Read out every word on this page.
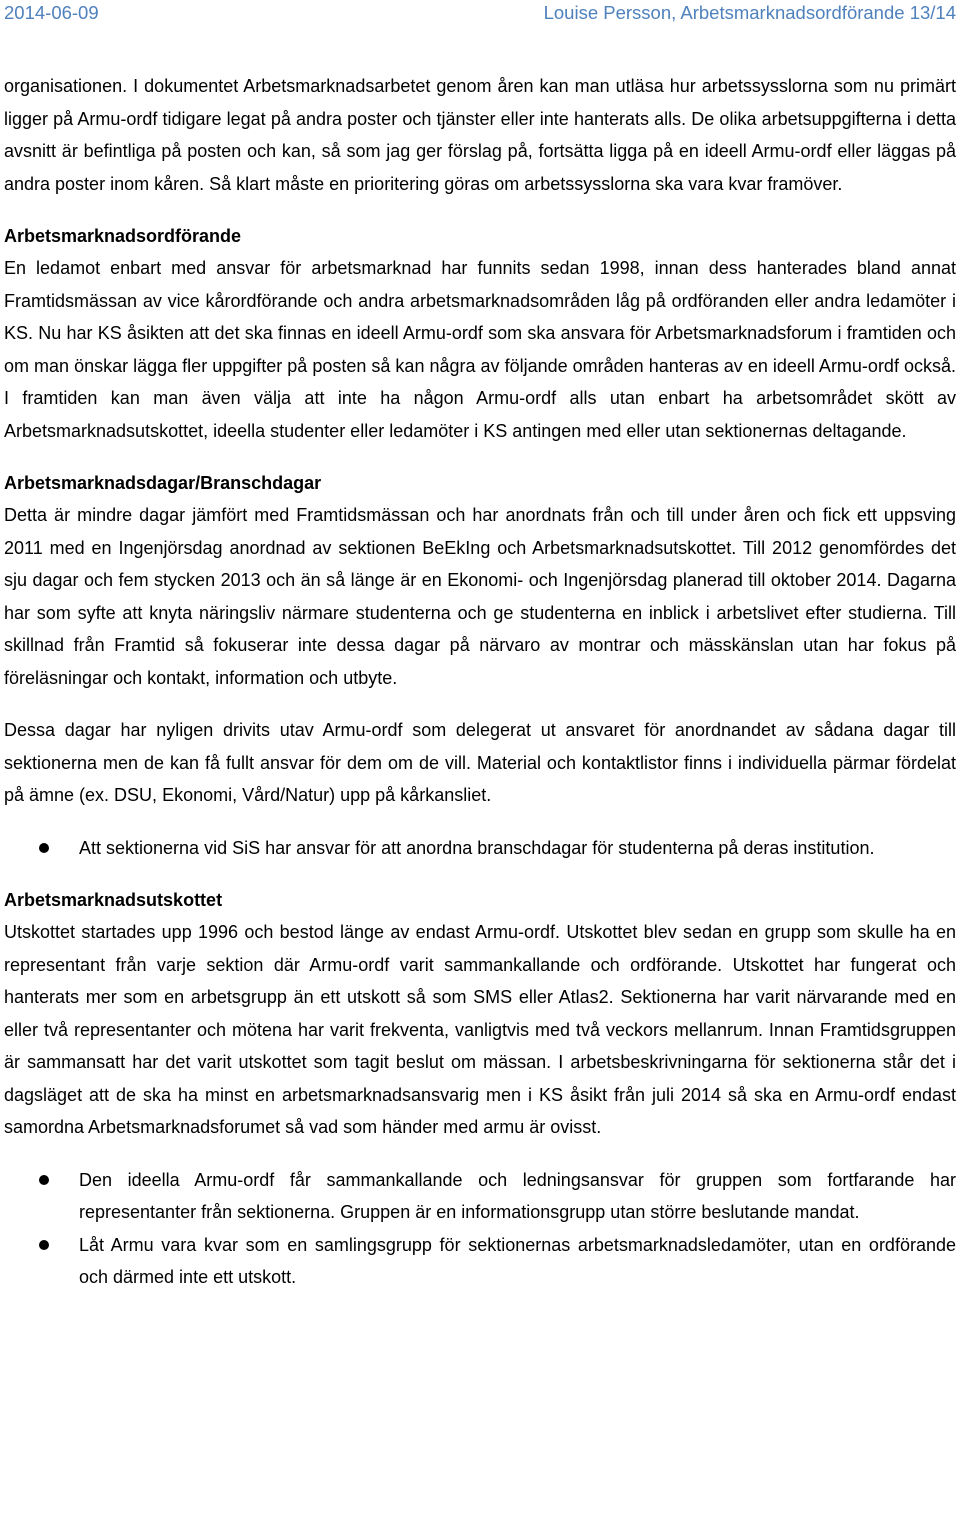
2014-06-09	Louise Persson, Arbetsmarknadsordförande 13/14

organisationen. I dokumentet Arbetsmarknadsarbetet genom åren kan man utläsa hur arbetssysslorna som nu primärt ligger på Armu-ordf tidigare legat på andra poster och tjänster eller inte hanterats alls. De olika arbetsuppgifterna i detta avsnitt är befintliga på posten och kan, så som jag ger förslag på, fortsätta ligga på en ideell Armu-ordf eller läggas på andra poster inom kåren. Så klart måste en prioritering göras om arbetssysslorna ska vara kvar framöver.

Arbetsmarknadsordförande

En ledamot enbart med ansvar för arbetsmarknad har funnits sedan 1998, innan dess hanterades bland annat Framtidsmässan av vice kårordförande och andra arbetsmarknadsområden låg på ordföranden eller andra ledamöter i KS. Nu har KS åsikten att det ska finnas en ideell Armu-ordf som ska ansvara för Arbetsmarknadsforum i framtiden och om man önskar lägga fler uppgifter på posten så kan några av följande områden hanteras av en ideell Armu-ordf också. I framtiden kan man även välja att inte ha någon Armu-ordf alls utan enbart ha arbetsområdet skött av Arbetsmarknadsutskottet, ideella studenter eller ledamöter i KS antingen med eller utan sektionernas deltagande.

Arbetsmarknadsdagar/Branschdagar

Detta är mindre dagar jämfört med Framtidsmässan och har anordnats från och till under åren och fick ett uppsving 2011 med en Ingenjörsdag anordnad av sektionen BeEkIng och Arbetsmarknadsutskottet. Till 2012 genomfördes det sju dagar och fem stycken 2013 och än så länge är en Ekonomi- och Ingenjörsdag planerad till oktober 2014. Dagarna har som syfte att knyta näringsliv närmare studenterna och ge studenterna en inblick i arbetslivet efter studierna. Till skillnad från Framtid så fokuserar inte dessa dagar på närvaro av montrar och mässkänslan utan har fokus på föreläsningar och kontakt, information och utbyte.

Dessa dagar har nyligen drivits utav Armu-ordf som delegerat ut ansvaret för anordnandet av sådana dagar till sektionerna men de kan få fullt ansvar för dem om de vill. Material och kontaktlistor finns i individuella pärmar fördelat på ämne (ex. DSU, Ekonomi, Vård/Natur) upp på kårkansliet.

Att sektionerna vid SiS har ansvar för att anordna branschdagar för studenterna på deras institution.
Arbetsmarknadsutskottet

Utskottet startades upp 1996 och bestod länge av endast Armu-ordf. Utskottet blev sedan en grupp som skulle ha en representant från varje sektion där Armu-ordf varit sammankallande och ordförande. Utskottet har fungerat och hanterats mer som en arbetsgrupp än ett utskott så som SMS eller Atlas2. Sektionerna har varit närvarande med en eller två representanter och mötena har varit frekventa, vanligtvis med två veckors mellanrum. Innan Framtidsgruppen är sammansatt har det varit utskottet som tagit beslut om mässan. I arbetsbeskrivningarna för sektionerna står det i dagsläget att de ska ha minst en arbetsmarknadsansvarig men i KS åsikt från juli 2014 så ska en Armu-ordf endast samordna Arbetsmarknadsforumet så vad som händer med armu är ovisst.

Den ideella Armu-ordf får sammankallande och ledningsansvar för gruppen som fortfarande har representanter från sektionerna. Gruppen är en informationsgrupp utan större beslutande mandat.
Låt Armu vara kvar som en samlingsgrupp för sektionernas arbetsmarknadsledamöter, utan en ordförande och därmed inte ett utskott.
